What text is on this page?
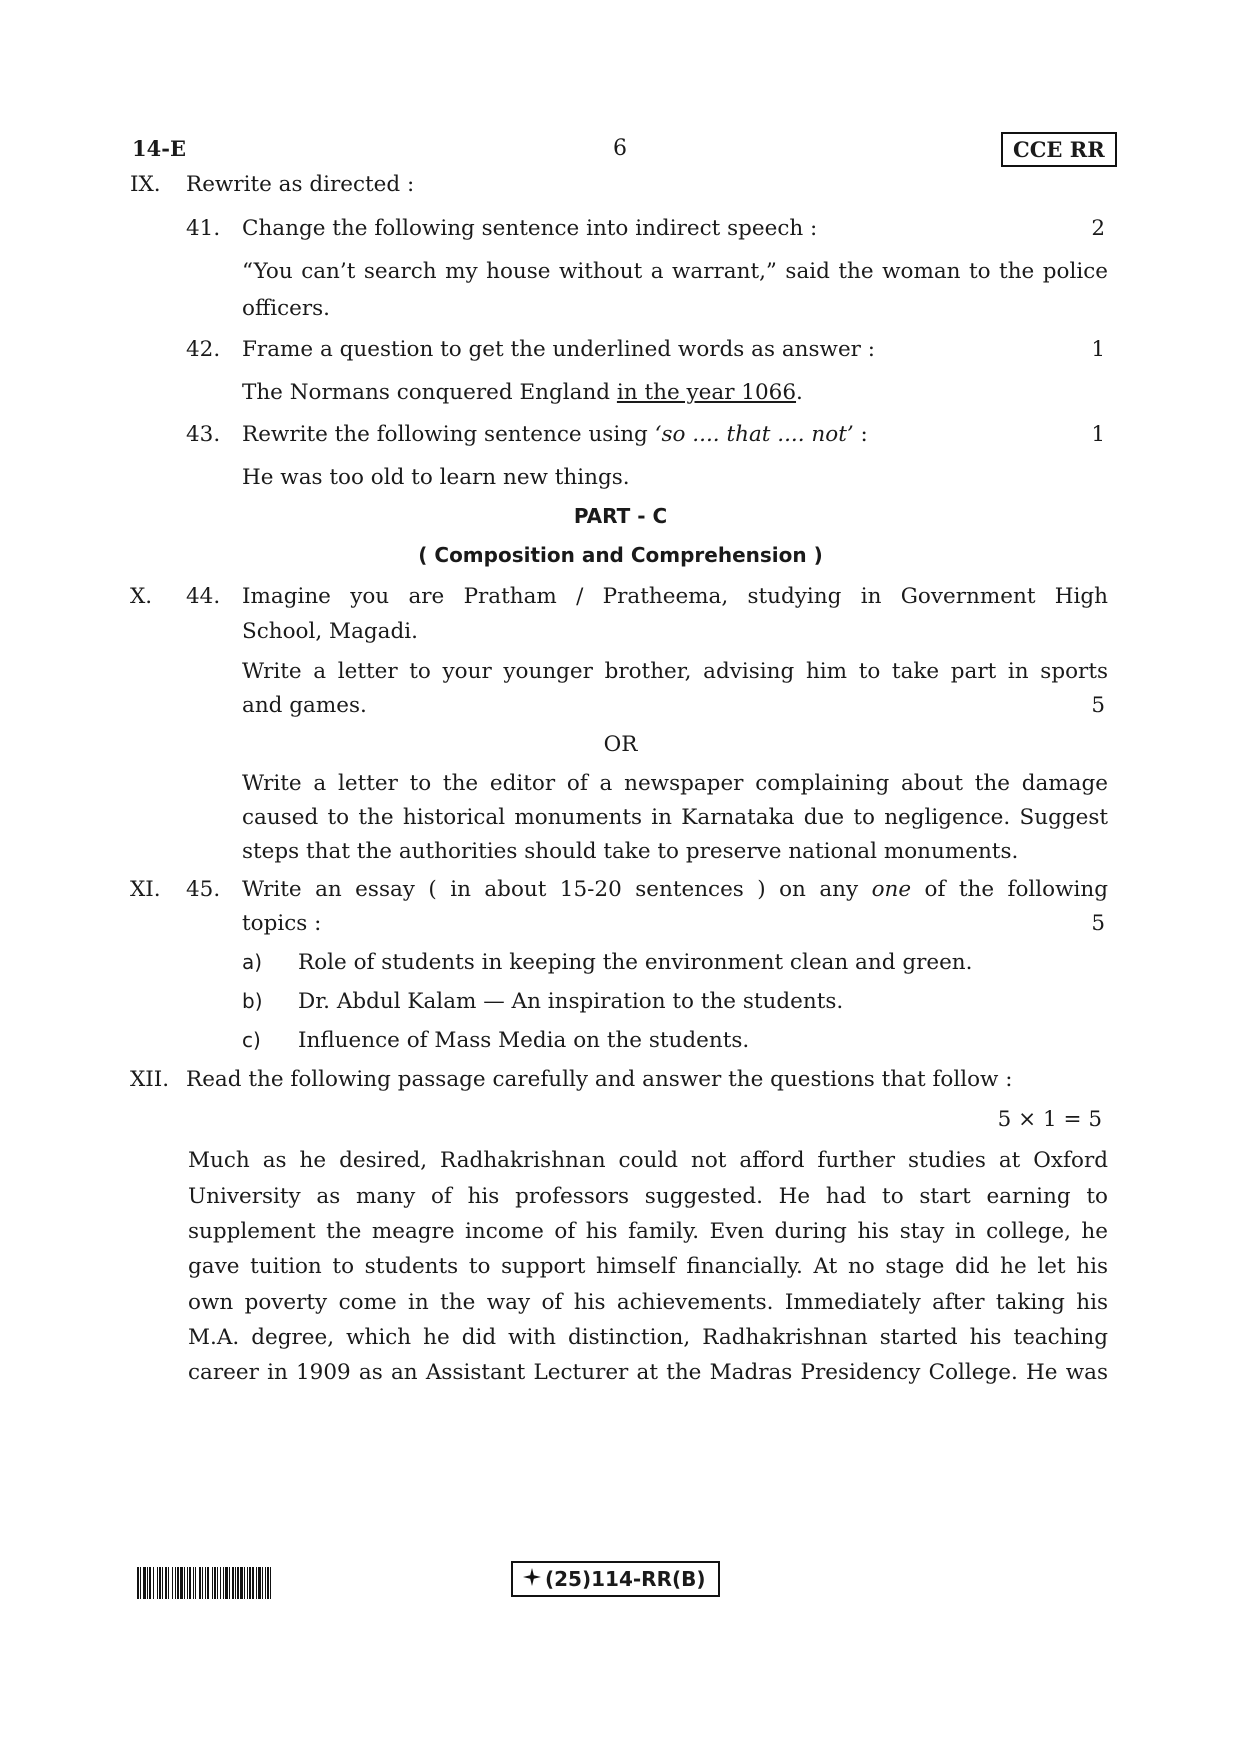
14-E	6	CCE RR
IX. Rewrite as directed :
41. Change the following sentence into indirect speech :	2
“You can’t search my house without a warrant,” said the woman to the police
officers.
42. Frame a question to get the underlined words as answer :	1
The Normans conquered England in the year 1066.
43. Rewrite the following sentence using ‘so .... that .... not’ :	1
He was too old to learn new things.
PART - C
( Composition and Comprehension )
X. 44. Imagine you are Pratham / Pratheema, studying in Government High
School, Magadi.
Write a letter to your younger brother, advising him to take part in sports
and games.	5
OR
Write a letter to the editor of a newspaper complaining about the damage
caused to the historical monuments in Karnataka due to negligence. Suggest
steps that the authorities should take to preserve national monuments.
XI. 45. Write an essay ( in about 15-20 sentences ) on any one of the following
topics :	5
a) Role of students in keeping the environment clean and green.
b) Dr. Abdul Kalam — An inspiration to the students.
c) Influence of Mass Media on the students.
XII. Read the following passage carefully and answer the questions that follow :
5 × 1 = 5
Much as he desired, Radhakrishnan could not afford further studies at Oxford
University as many of his professors suggested. He had to start earning to
supplement the meagre income of his family. Even during his stay in college, he
gave tuition to students to support himself financially. At no stage did he let his
own poverty come in the way of his achievements. Immediately after taking his
M.A. degree, which he did with distinction, Radhakrishnan started his teaching
career in 1909 as an Assistant Lecturer at the Madras Presidency College. He was
(25)114-RR(B)
